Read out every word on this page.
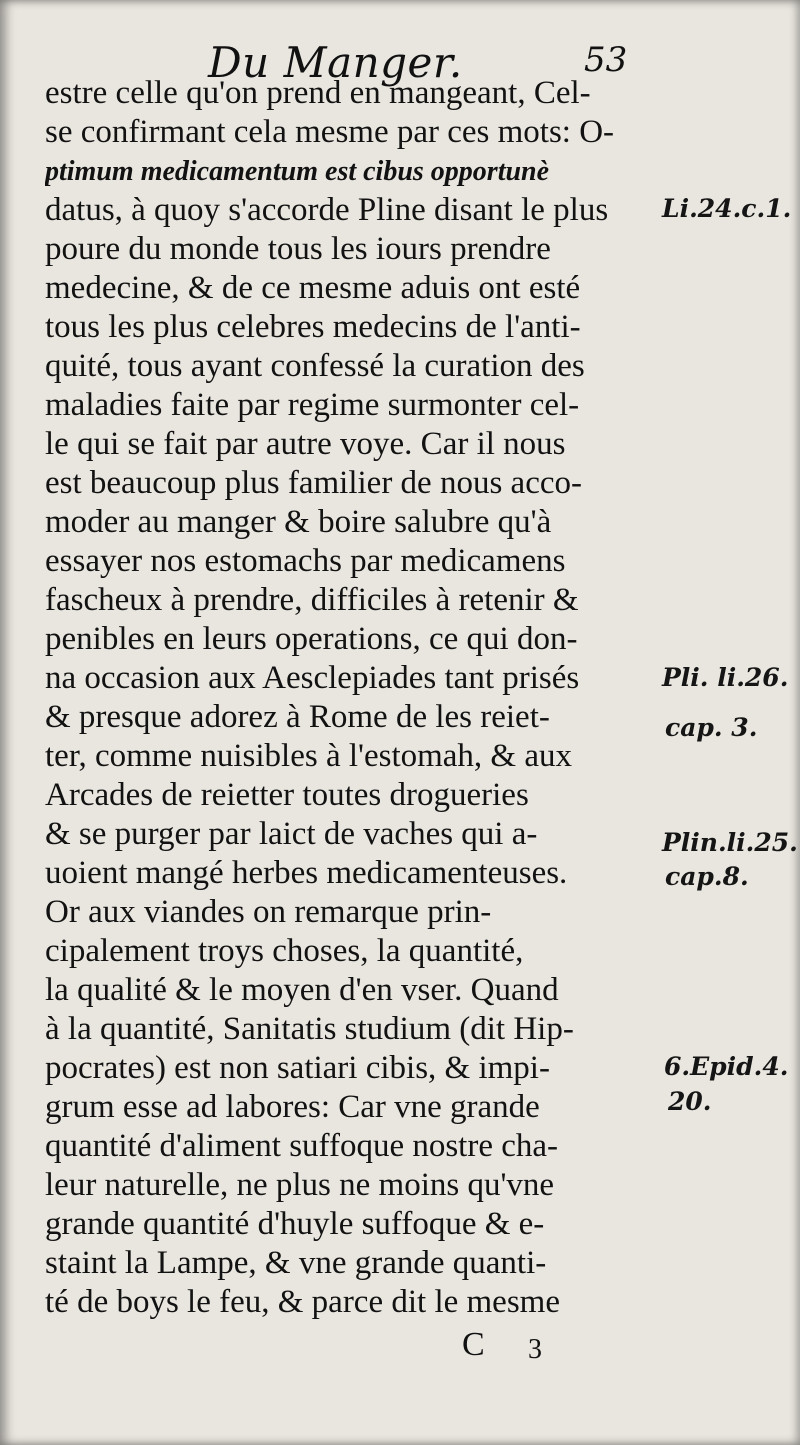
Du Manger.	53
estre celle qu'on prend en mangeant, Cel-
se confirmant cela mesme par ces mots: O-
ptimum medicamentum est cibus opportunè
datus, à quoy s'accorde Pline disant le plus
poure du monde tous les iours prendre
medecine, & de ce mesme aduis ont esté
tous les plus celebres medecins de l'anti-
quité, tous ayant confessé la curation des
maladies faite par regime surmonter cel-
le qui se fait par autre voye. Car il nous
est beaucoup plus familier de nous acco-
moder au manger & boire salubre qu'à
essayer nos estomachs par medicamens
fascheux à prendre, difficiles à retenir &
penibles en leurs operations, ce qui don-
na occasion aux Aesclepiades tant prisés
& presque adorez à Rome de les reiet-
ter, comme nuisibles à l'estomah, & aux
Arcades de reietter toutes drogueries
& se purger par laict de vaches qui a-
uoient mangé herbes medicamenteuses.
Or aux viandes on remarque prin-
cipalement troys choses, la quantité,
la qualité & le moyen d'en vser. Quand
à la quantité, Sanitatis studium (dit Hip-
pocrates) est non satiari cibis, & impi-
grum esse ad labores: Car vne grande
quantité d'aliment suffoque nostre cha-
leur naturelle, ne plus ne moins qu'vne
grande quantité d'huyle suffoque & e-
staint la Lampe, & vne grande quanti-
té de boys le feu, & parce dit le mesme
Li.24.c.1.
Pli. li.26.
cap. 3.
Plin.li.25.
cap.8.
6.Epid.4.
20.
C 3
